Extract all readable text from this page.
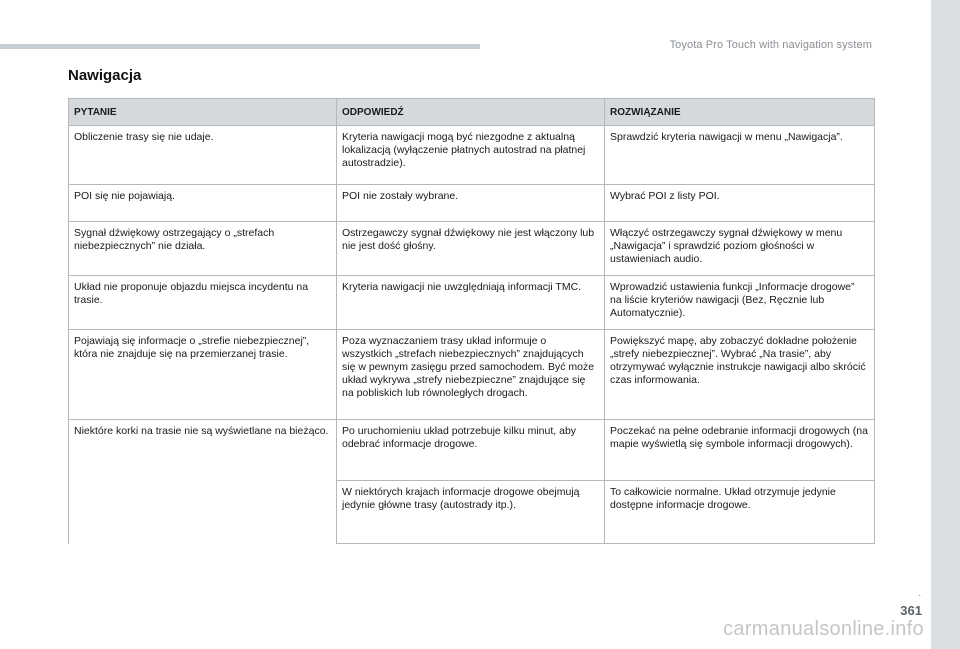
Toyota Pro Touch with navigation system
Nawigacja
PYTANIE	ODPOWIEDŹ	ROZWIĄZANIE
Obliczenie trasy się nie udaje.	Kryteria nawigacji mogą być niezgodne z aktualną lokalizacją (wyłączenie płatnych autostrad na płatnej autostradzie).	Sprawdzić kryteria nawigacji w menu „Nawigacja”.
POI się nie pojawiają.	POI nie zostały wybrane.	Wybrać POI z listy POI.
Sygnał dźwiękowy ostrzegający o „strefach niebezpiecznych” nie działa.	Ostrzegawczy sygnał dźwiękowy nie jest włączony lub nie jest dość głośny.	Włączyć ostrzegawczy sygnał dźwiękowy w menu „Nawigacja” i sprawdzić poziom głośności w ustawieniach audio.
Układ nie proponuje objazdu miejsca incydentu na trasie.	Kryteria nawigacji nie uwzględniają informacji TMC.	Wprowadzić ustawienia funkcji „Informacje drogowe” na liście kryteriów nawigacji (Bez, Ręcznie lub Automatycznie).
Pojawiają się informacje o „strefie niebezpiecznej”, która nie znajduje się na przemierzanej trasie.	Poza wyznaczaniem trasy układ informuje o wszystkich „strefach niebezpiecznych” znajdujących się w pewnym zasięgu przed samochodem. Być może układ wykrywa „strefy niebezpieczne” znajdujące się na pobliskich lub równoległych drogach.	Powiększyć mapę, aby zobaczyć dokładne położenie „strefy niebezpiecznej”. Wybrać „Na trasie”, aby otrzymywać wyłącznie instrukcje nawigacji albo skrócić czas informowania.
Niektóre korki na trasie nie są wyświetlane na bieżąco.	Po uruchomieniu układ potrzebuje kilku minut, aby odebrać informacje drogowe.	Poczekać na pełne odebranie informacji drogowych (na mapie wyświetlą się symbole informacji drogowych).
	W niektórych krajach informacje drogowe obejmują jedynie główne trasy (autostrady itp.).	To całkowicie normalne. Układ otrzymuje jedynie dostępne informacje drogowe.
.
361
carmanualsonline.info
